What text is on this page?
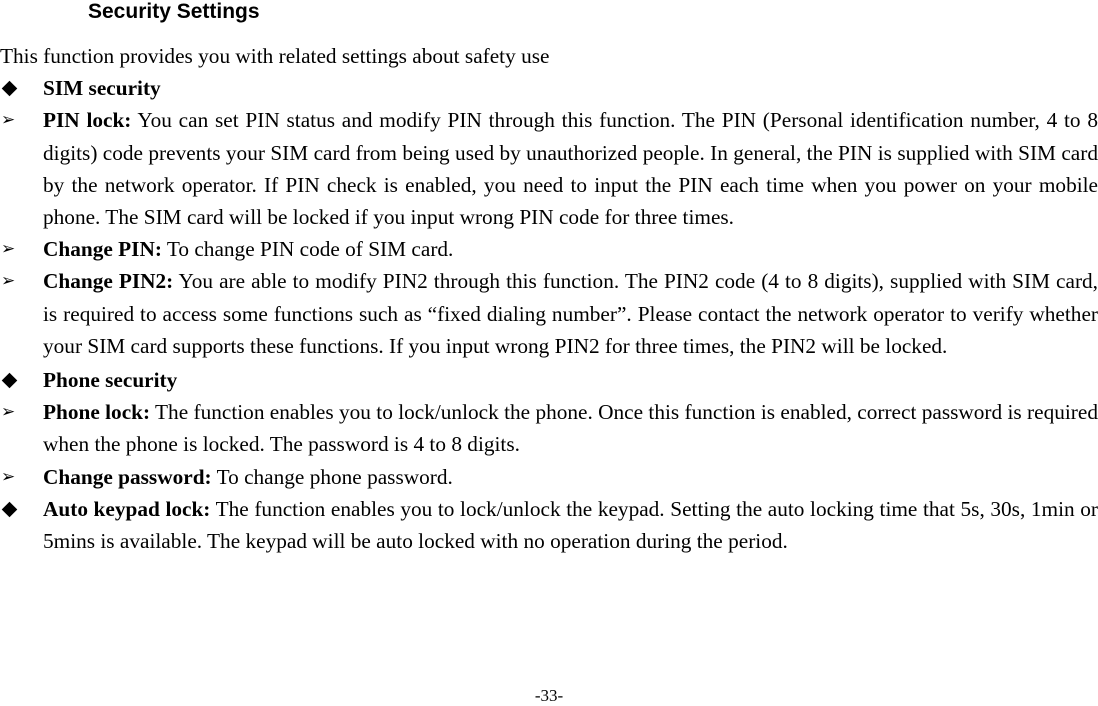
Security Settings

This function provides you with related settings about safety use

SIM security

➢	PIN lock: You can set PIN status and modify PIN through this function. The PIN (Personal identification number, 4 to 8 digits) code prevents your SIM card from being used by unauthorized people. In general, the PIN is supplied with SIM card by the network operator. If PIN check is enabled, you need to input the PIN each time when you power on your mobile phone. The SIM card will be locked if you input wrong PIN code for three times.

➢	Change PIN: To change PIN code of SIM card.

➢	Change PIN2: You are able to modify PIN2 through this function. The PIN2 code (4 to 8 digits), supplied with SIM card, is required to access some functions such as “fixed dialing number”. Please contact the network operator to verify whether your SIM card supports these functions. If you input wrong PIN2 for three times, the PIN2 will be locked.

Phone security

➢	Phone lock: The function enables you to lock/unlock the phone. Once this function is enabled, correct password is required when the phone is locked. The password is 4 to 8 digits.

➢	Change password: To change phone password.

Auto keypad lock: The function enables you to lock/unlock the keypad. Setting the auto locking time that 5s, 30s, 1min or 5mins is available. The keypad will be auto locked with no operation during the period.

-33-
